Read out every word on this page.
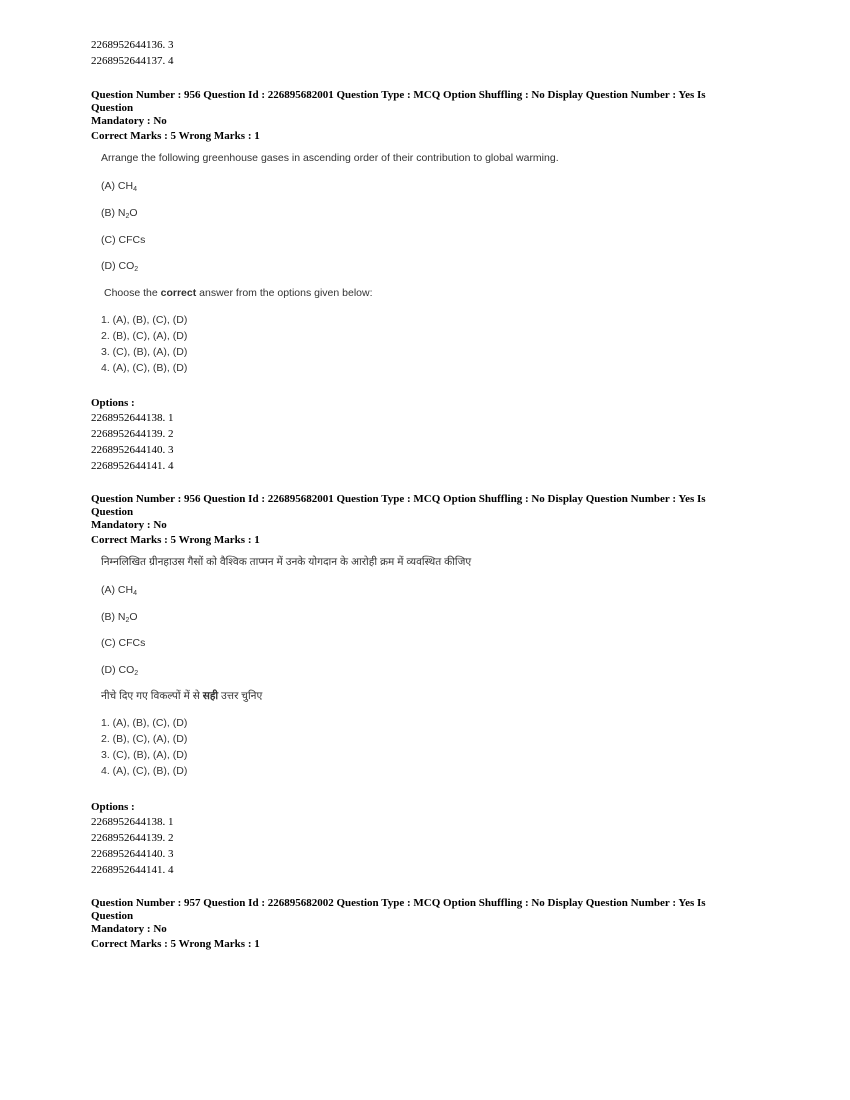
2268952644136. 3
2268952644137. 4
Question Number : 956 Question Id : 226895682001 Question Type : MCQ Option Shuffling : No Display Question Number : Yes Is Question
Mandatory : No
Correct Marks : 5 Wrong Marks : 1
Arrange the following greenhouse gases in ascending order of their contribution to global warming.
(A) $CH_4$
(B) $N_2O$
(C) CFCs
(D) $CO_2$
Choose the correct answer from the options given below:
1. (A), (B), (C), (D)
2. (B), (C), (A), (D)
3. (C), (B), (A), (D)
4. (A), (C), (B), (D)
Options :
2268952644138. 1
2268952644139. 2
2268952644140. 3
2268952644141. 4
Question Number : 956 Question Id : 226895682001 Question Type : MCQ Option Shuffling : No Display Question Number : Yes Is Question
Mandatory : No
Correct Marks : 5 Wrong Marks : 1
निम्नलिखित ग्रीनहाउस गैसों को वैश्विक ताप्मन में उनके योगदान के आरोही क्रम में व्यवस्थित कीजिए
(A) $CH_4$
(B) $N_2O$
(C) CFCs
(D) $CO_2$
नीचे दिए गए विकल्पों में से सही उत्तर चुनिए
1. (A), (B), (C), (D)
2. (B), (C), (A), (D)
3. (C), (B), (A), (D)
4. (A), (C), (B), (D)
Options :
2268952644138. 1
2268952644139. 2
2268952644140. 3
2268952644141. 4
Question Number : 957 Question Id : 226895682002 Question Type : MCQ Option Shuffling : No Display Question Number : Yes Is Question
Mandatory : No
Correct Marks : 5 Wrong Marks : 1
